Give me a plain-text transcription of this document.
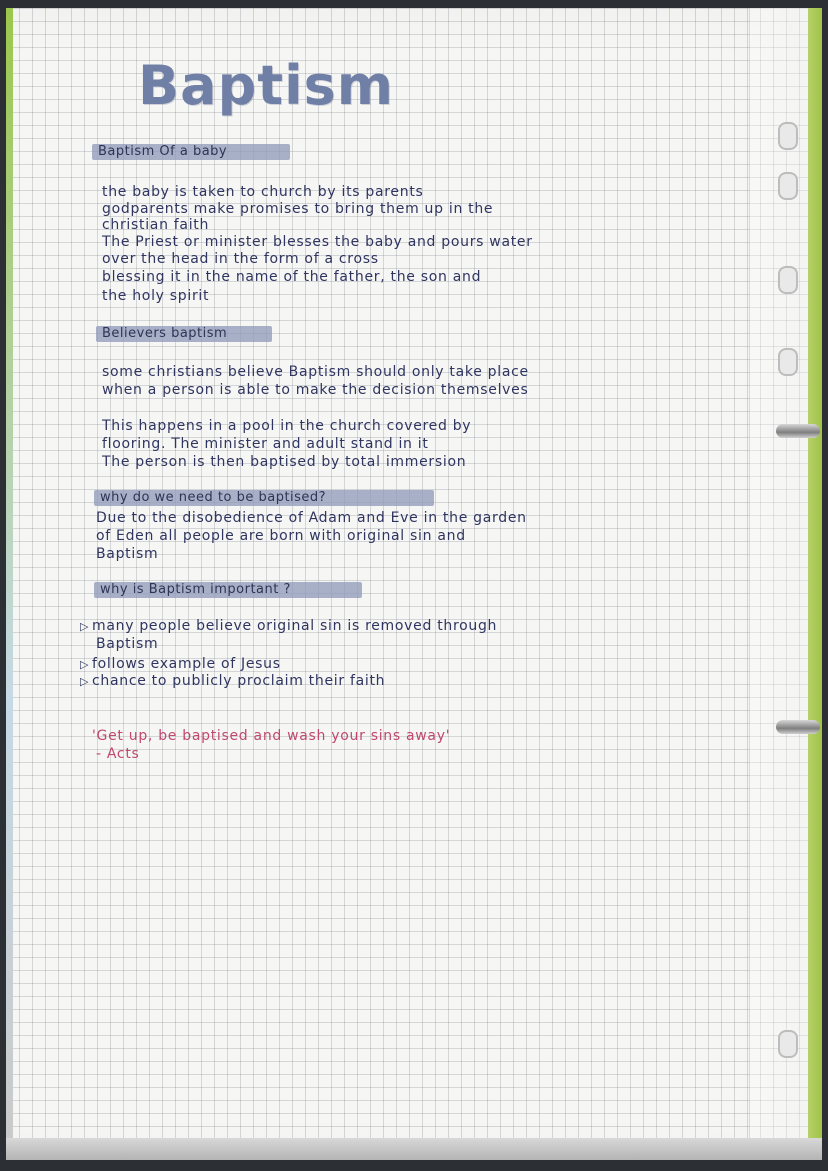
Baptism
Baptism Of a baby
the baby is taken to church by its parents
godparents make promises to bring them up in the
christian faith
The Priest or minister blesses the baby and pours water
over the head in the form of a cross
blessing it in the name of the father, the son and
the holy spirit
Believers baptism
some christians believe Baptism should only take place
when a person is able to make the decision themselves
This happens in a pool in the church covered by
flooring. The minister and adult stand in it
The person is then baptised by total immersion
why do we need to be baptised?
Due to the disobedience of Adam and Eve in the garden
of Eden all people are born with original sin and
Baptism
why is Baptism important ?
▷ many people believe original sin is removed through
Baptism
▷ follows example of Jesus
▷ chance to publicly proclaim their faith
'Get up, be baptised and wash your sins away'
- Acts
